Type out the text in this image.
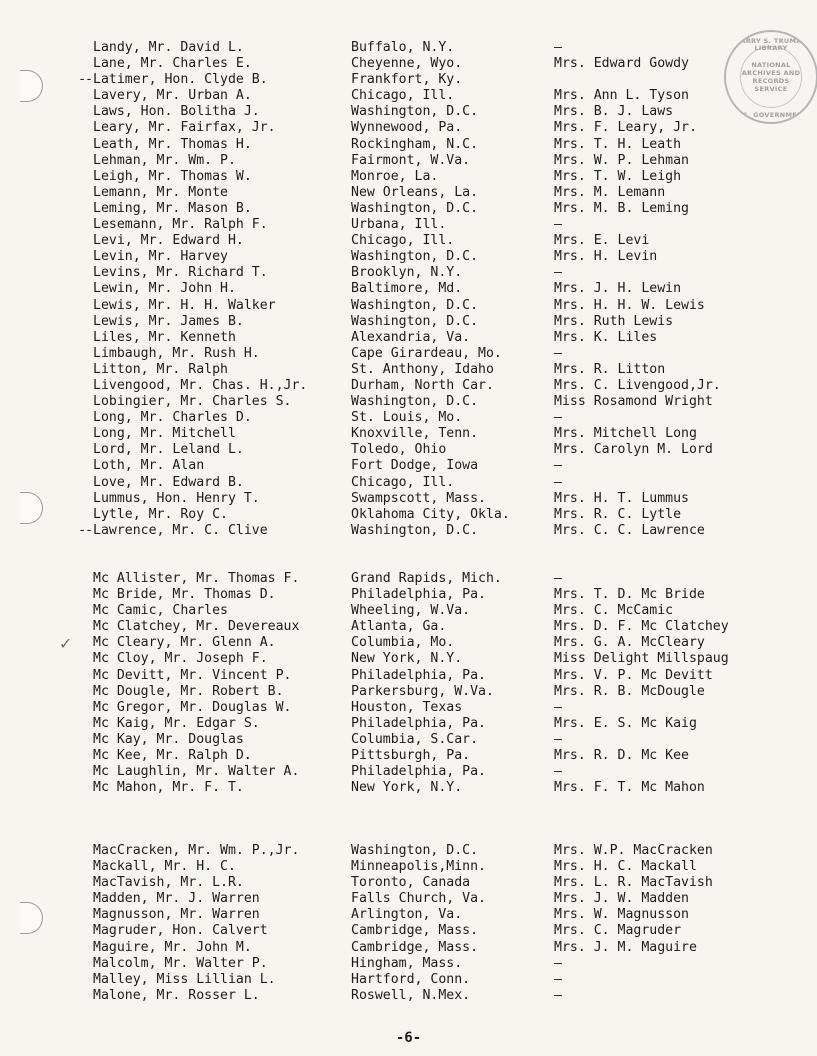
HARRY S. TRUMAN LIBRARY
NATIONAL
ARCHIVES AND
RECORDS
SERVICE
U.S. GOVERNMENT
✓
Landy, Mr. David L.	Buffalo, N.Y.	—
Lane, Mr. Charles E.	Cheyenne, Wyo.	Mrs. Edward Gowdy
-- Latimer, Hon. Clyde B.	Frankfort, Ky.
Lavery, Mr. Urban A.	Chicago, Ill.	Mrs. Ann L. Tyson
Laws, Hon. Bolitha J.	Washington, D.C.	Mrs. B. J. Laws
Leary, Mr. Fairfax, Jr.	Wynnewood, Pa.	Mrs. F. Leary, Jr.
Leath, Mr. Thomas H.	Rockingham, N.C.	Mrs. T. H. Leath
Lehman, Mr. Wm. P.	Fairmont, W.Va.	Mrs. W. P. Lehman
Leigh, Mr. Thomas W.	Monroe, La.	Mrs. T. W. Leigh
Lemann, Mr. Monte	New Orleans, La.	Mrs. M. Lemann
Leming, Mr. Mason B.	Washington, D.C.	Mrs. M. B. Leming
Lesemann, Mr. Ralph F.	Urbana, Ill.	—
Levi, Mr. Edward H.	Chicago, Ill.	Mrs. E. Levi
Levin, Mr. Harvey	Washington, D.C.	Mrs. H. Levin
Levins, Mr. Richard T.	Brooklyn, N.Y.	—
Lewin, Mr. John H.	Baltimore, Md.	Mrs. J. H. Lewin
Lewis, Mr. H. H. Walker	Washington, D.C.	Mrs. H. H. W. Lewis
Lewis, Mr. James B.	Washington, D.C.	Mrs. Ruth Lewis
Liles, Mr. Kenneth	Alexandria, Va.	Mrs. K. Liles
Limbaugh, Mr. Rush H.	Cape Girardeau, Mo.	—
Litton, Mr. Ralph	St. Anthony, Idaho	Mrs. R. Litton
Livengood, Mr. Chas. H.,Jr.	Durham, North Car.	Mrs. C. Livengood,Jr.
Lobingier, Mr. Charles S.	Washington, D.C.	Miss Rosamond Wright
Long, Mr. Charles D.	St. Louis, Mo.	—
Long, Mr. Mitchell	Knoxville, Tenn.	Mrs. Mitchell Long
Lord, Mr. Leland L.	Toledo, Ohio	Mrs. Carolyn M. Lord
Loth, Mr. Alan	Fort Dodge, Iowa	—
Love, Mr. Edward B.	Chicago, Ill.	—
Lummus, Hon. Henry T.	Swampscott, Mass.	Mrs. H. T. Lummus
Lytle, Mr. Roy C.	Oklahoma City, Okla.	Mrs. R. C. Lytle
-- Lawrence, Mr. C. Clive	Washington, D.C.	Mrs. C. C. Lawrence
Mc Allister, Mr. Thomas F.	Grand Rapids, Mich.	—
Mc Bride, Mr. Thomas D.	Philadelphia, Pa.	Mrs. T. D. Mc Bride
Mc Camic, Charles	Wheeling, W.Va.	Mrs. C. McCamic
Mc Clatchey, Mr. Devereaux	Atlanta, Ga.	Mrs. D. F. Mc Clatchey
Mc Cleary, Mr. Glenn A.	Columbia, Mo.	Mrs. G. A. McCleary
Mc Cloy, Mr. Joseph F.	New York, N.Y.	Miss Delight Millspaug
Mc Devitt, Mr. Vincent P.	Philadelphia, Pa.	Mrs. V. P. Mc Devitt
Mc Dougle, Mr. Robert B.	Parkersburg, W.Va.	Mrs. R. B. McDougle
Mc Gregor, Mr. Douglas W.	Houston, Texas	—
Mc Kaig, Mr. Edgar S.	Philadelphia, Pa.	Mrs. E. S. Mc Kaig
Mc Kay, Mr. Douglas	Columbia, S.Car.	—
Mc Kee, Mr. Ralph D.	Pittsburgh, Pa.	Mrs. R. D. Mc Kee
Mc Laughlin, Mr. Walter A.	Philadelphia, Pa.	—
Mc Mahon, Mr. F. T.	New York, N.Y.	Mrs. F. T. Mc Mahon
MacCracken, Mr. Wm. P.,Jr.	Washington, D.C.	Mrs. W.P. MacCracken
Mackall, Mr. H. C.	Minneapolis,Minn.	Mrs. H. C. Mackall
MacTavish, Mr. L.R.	Toronto, Canada	Mrs. L. R. MacTavish
Madden, Mr. J. Warren	Falls Church, Va.	Mrs. J. W. Madden
Magnusson, Mr. Warren	Arlington, Va.	Mrs. W. Magnusson
Magruder, Hon. Calvert	Cambridge, Mass.	Mrs. C. Magruder
Maguire, Mr. John M.	Cambridge, Mass.	Mrs. J. M. Maguire
Malcolm, Mr. Walter P.	Hingham, Mass.	—
Malley, Miss Lillian L.	Hartford, Conn.	—
Malone, Mr. Rosser L.	Roswell, N.Mex.	—
-6-
